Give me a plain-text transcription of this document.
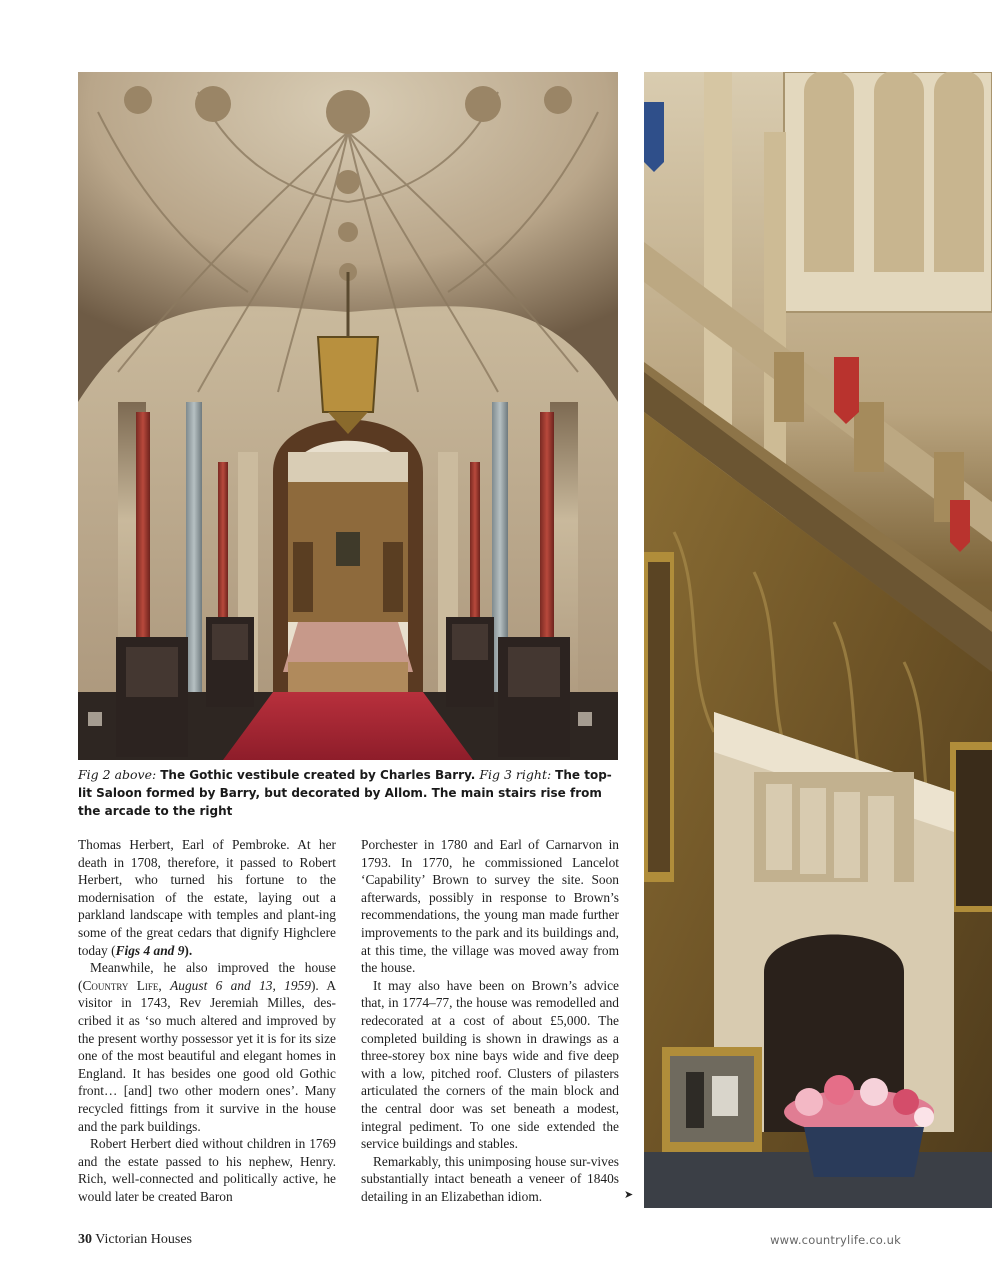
Fig 2 above: The Gothic vestibule created by Charles Barry. Fig 3 right: The top-lit Saloon formed by Barry, but decorated by Allom. The main stairs rise from the arcade to the right

Thomas Herbert, Earl of Pembroke. At her death in 1708, therefore, it passed to Robert Herbert, who turned his fortune to the modernisation of the estate, laying out a parkland landscape with temples and plant-ing some of the great cedars that dignify Highclere today (Figs 4 and 9).

Meanwhile, he also improved the house (Country Life, August 6 and 13, 1959). A visitor in 1743, Rev Jeremiah Milles, des-cribed it as ‘so much altered and improved by the present worthy possessor yet it is for its size one of the most beautiful and elegant homes in England. It has besides one good old Gothic front… [and] two other modern ones’. Many recycled fittings from it survive in the house and the park buildings.

Robert Herbert died without children in 1769 and the estate passed to his nephew, Henry. Rich, well-connected and politically active, he would later be created Baron

Porchester in 1780 and Earl of Carnarvon in 1793. In 1770, he commissioned Lancelot ‘Capability’ Brown to survey the site. Soon afterwards, possibly in response to Brown’s recommendations, the young man made further improvements to the park and its buildings and, at this time, the village was moved away from the house.

It may also have been on Brown’s advice that, in 1774–77, the house was remodelled and redecorated at a cost of about £5,000. The completed building is shown in drawings as a three-storey box nine bays wide and five deep with a low, pitched roof. Clusters of pilasters articulated the corners of the main block and the central door was set beneath a modest, integral pediment. To one side extended the service buildings and stables.

Remarkably, this unimposing house sur-vives substantially intact beneath a veneer of 1840s detailing in an Elizabethan idiom.	➤
30 Victorian Houses	www.countrylife.co.uk
